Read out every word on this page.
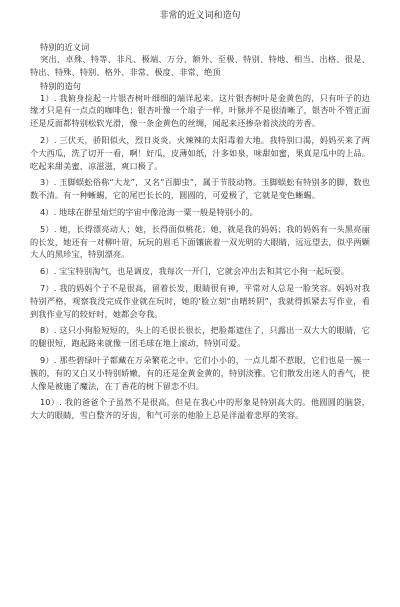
非常的近义词和造句
特别的近义词

突出、卓殊、特等、非凡、极端、万分、额外、至极、特别、特地、相当、出格、很是、特出、特殊、特别、格外、非常、极度、非常、绝顶

特别的造句

1）. 我俯身捡起一片银杏树叶细细的端详起来。这片银杏树叶是金黄色的，只有叶子的边缘才只是有一点点的咖啡色；银杏叶像一个扇子一样，叶脉并不是很清晰了，银杏叶不管正面还是反面都特别松软光滑，像一条金黄色的丝绸，闻起来还掺杂着淡淡的芳香。

2）. 三伏天，骄阳似火，烈日炎炎。火辣辣的太阳毒着大地。我特别口渴，妈妈买来了两个大西瓜，洗了切开一看，啊！好瓜，皮薄如纸，汁多如泉，味甜如蜜，果真是瓜中的上品。吃起来甜美蜜、凉滋滋，爽口极了。

3）. 玉脚蜈蚣俗称“大龙”，又名“百脚虫”，属于节肢动物。玉脚蜈蚣有特别多的脚，数也数不清。有一种蜥蜴，它的尾巴长长的，圆圆的，可爱极了，它就是变色蜥蜴。

4）. 地球在群星灿烂的宇宙中像沧海一粟一般是特别小的。

5）. 她，长得漂亮动人；她，长得面似桃花；她，就是我的妈妈；我的妈妈有一头黑亮丽的长发，她还有一对柳叶眉，玩玩的眉毛下面镶嵌着一双光明的大眼睛，远远望去，似乎两颗大人的黑珍宝，特别漂亮。

6）. 宝宝特别淘气，也是调皮，我每次一开门，它就会冲出去和其它小狗一起玩耍。

7）. 我的妈妈个子不是很高，留着长发，眼睛很有神，平常对人总是一脸笑容。妈妈对我特别严格，观察我没完成作业就在玩时，她的‘脸立刻“由晴转阴”，我就得抓紧去写作业，看到我作业写的较好时，她都会夸我。

8）. 这只小狗脸短短的，头上的毛很长很长，把脸都遮住了，只露出一双大大的眼睛，它的腿很短，跑起路来就像一团毛球在地上滚动，特别可爱。

9）. 那些碧绿叶子都藏在万朵繁花之中。它们小小的，一点儿都不惹眼，它们也是一簇一簇的，有的又白又小特别娇嫩，有的还是金黄金黄的，特别淡雅。它们散发出迷人的香气，使人像是被施了魔法，在丁香花的树下留恋不归。

10）. 我的爸爸个子虽然不是很高，但是在我心中的形象是特别高大的。他圆圆的脑袋，大大的眼睛，雪白整齐的牙齿，和气可亲的他脸上总是洋溢着悲厚的笑容。
